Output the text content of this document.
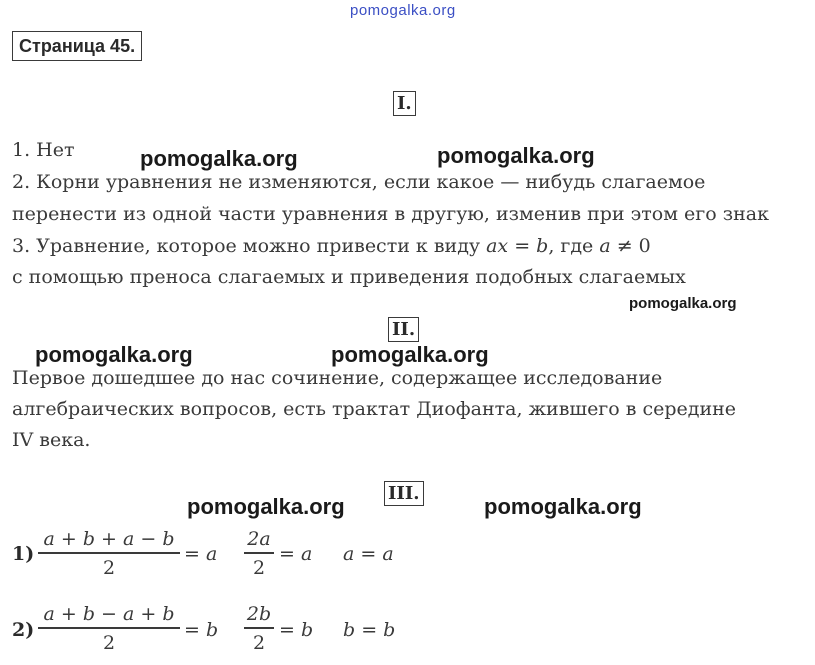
pomogalka.org
Страница 45.
I.
1. Нет
2. Корни уравнения не изменяются, если какое — нибудь слагаемое
перенести из одной части уравнения в другую, изменив при этом его знак
3. Уравнение, которое можно привести к виду ax = b, где a ≠ 0
с помощью преноса слагаемых и приведения подобных слагаемых
II.
Первое дошедшее до нас сочинение, содержащее исследование
алгебраических вопросов, есть трактат Диофанта, жившего в середине
IV века.
III.
1)
a + b + a − b
2
= a
2a
2
= a a = a
2)
a + b − a + b
2
= b
2b
2
= b b = b
pomogalka.org	pomogalka.org
pomogalka.org
pomogalka.org	pomogalka.org
pomogalka.org	pomogalka.org
